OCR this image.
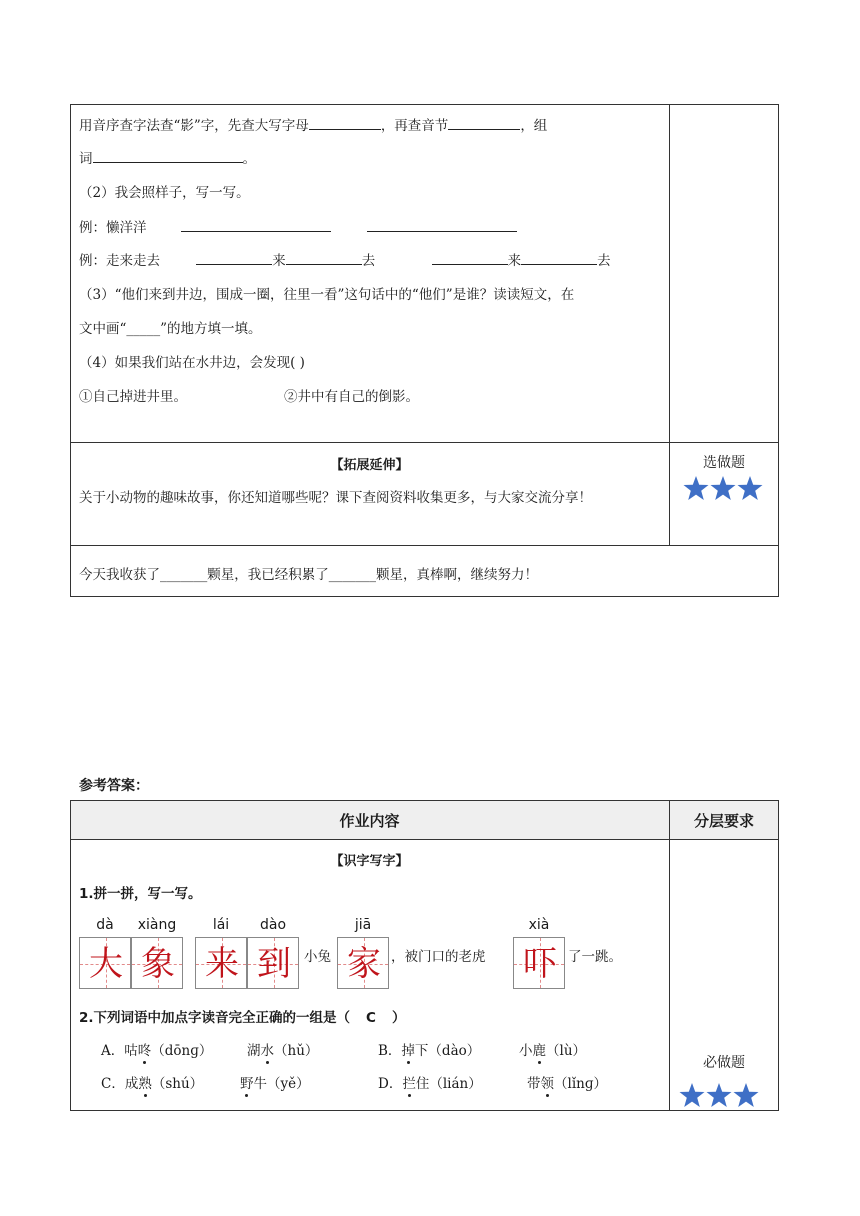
用音序查字法查“影”字，先查大写字母	，再查音节	，组
词	。
（2）我会照样子，写一写。
例：懒洋洋
例：走来走去	来	去	来	去
（3）“他们来到井边，围成一圈，往里一看”这句话中的“他们”是谁？读读短文，在
文中画“_____”的地方填一填。
（4）如果我们站在水井边，会发现( )
①自己掉进井里。	②井中有自己的倒影。
【拓展延伸】
关于小动物的趣味故事，你还知道哪些呢？课下查阅资料收集更多，与大家交流分享！
选做题
今天我收获了_______颗星，我已经积累了_______颗星，真棒啊，继续努力！
参考答案：
作业内容	分层要求
【识字写字】
1.拼一拼，写一写。
dà	xiàng	lái	dào	jiā	xià
大 象 来 到 小兔 家 ，被门口的老虎 吓 了一跳。
2.下列词语中加点字读音完全正确的一组是（ C ）
A．咕咚（dōnɡ）	湖水（hǔ）	B．掉下（dào）	小鹿（lù）
C．成熟（shú）	野牛（yě）	D．拦住（lián）	带领（lǐnɡ）
必做题
